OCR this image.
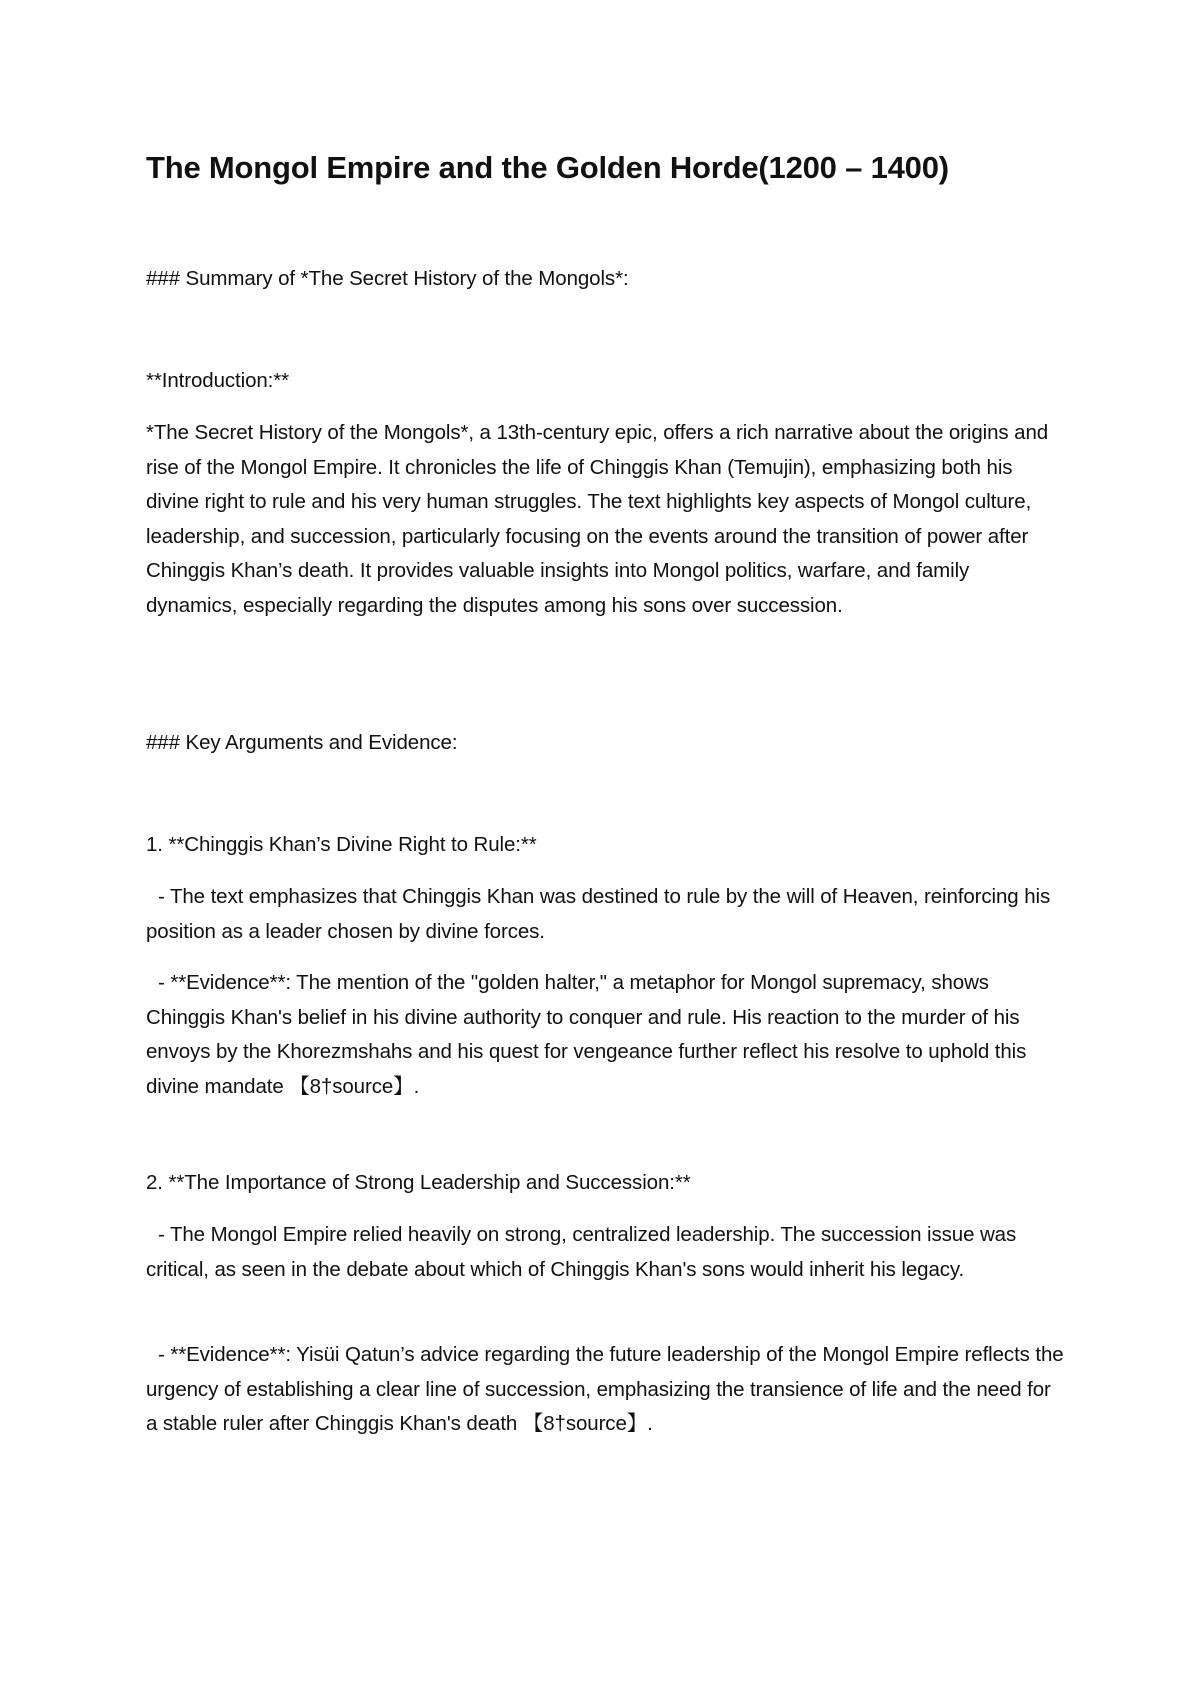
The Mongol Empire and the Golden Horde(1200 – 1400)

### Summary of *The Secret History of the Mongols*:

**Introduction:**

*The Secret History of the Mongols*, a 13th-century epic, offers a rich narrative about the origins and rise of the Mongol Empire. It chronicles the life of Chinggis Khan (Temujin), emphasizing both his divine right to rule and his very human struggles. The text highlights key aspects of Mongol culture, leadership, and succession, particularly focusing on the events around the transition of power after Chinggis Khan’s death. It provides valuable insights into Mongol politics, warfare, and family dynamics, especially regarding the disputes among his sons over succession.

### Key Arguments and Evidence:

1. **Chinggis Khan’s Divine Right to Rule:**

- The text emphasizes that Chinggis Khan was destined to rule by the will of Heaven, reinforcing his position as a leader chosen by divine forces.

- **Evidence**: The mention of the "golden halter," a metaphor for Mongol supremacy, shows Chinggis Khan's belief in his divine authority to conquer and rule. His reaction to the murder of his envoys by the Khorezmshahs and his quest for vengeance further reflect his resolve to uphold this divine mandate 【8†source】.

2. **The Importance of Strong Leadership and Succession:**

- The Mongol Empire relied heavily on strong, centralized leadership. The succession issue was critical, as seen in the debate about which of Chinggis Khan's sons would inherit his legacy.

- **Evidence**: Yisüi Qatun’s advice regarding the future leadership of the Mongol Empire reflects the urgency of establishing a clear line of succession, emphasizing the transience of life and the need for a stable ruler after Chinggis Khan's death 【8†source】.
